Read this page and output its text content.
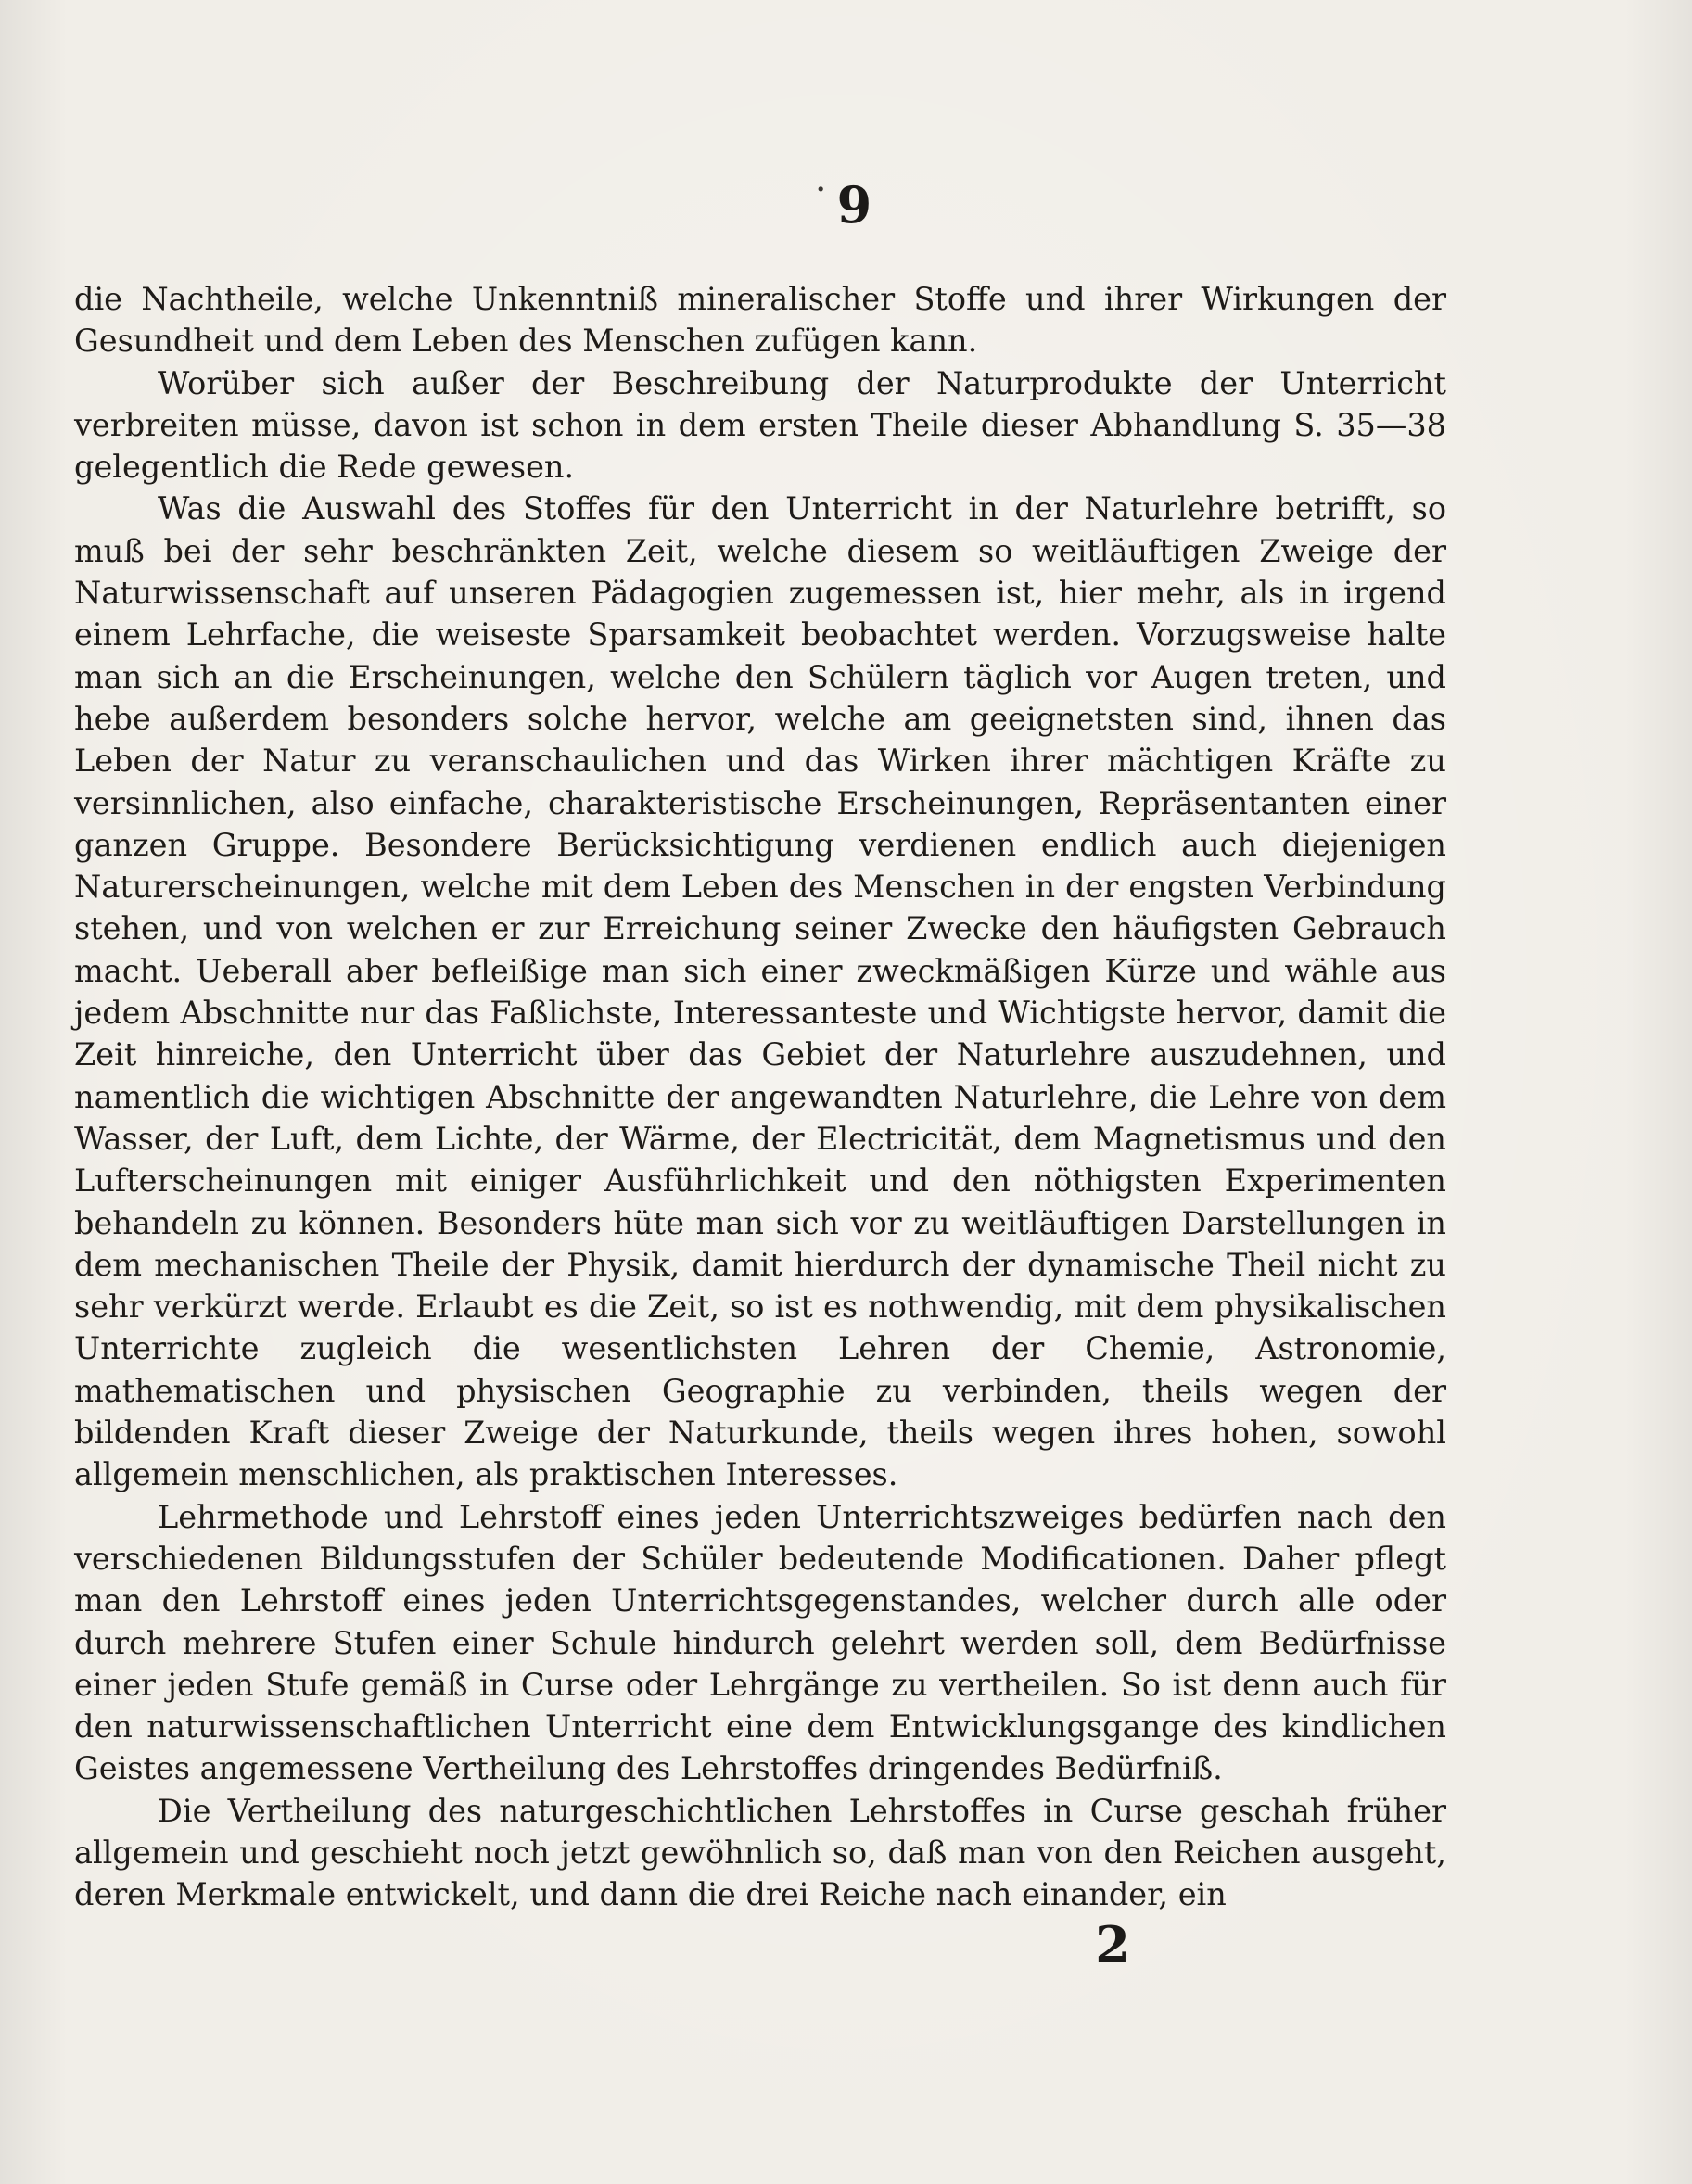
· 9

die Nachtheile, welche Unkenntniß mineralischer Stoffe und ihrer Wirkungen der Gesundheit und dem Leben des Menschen zufügen kann.

Worüber sich außer der Beschreibung der Naturprodukte der Unterricht verbreiten müsse, davon ist schon in dem ersten Theile dieser Abhandlung S. 35—38 gelegentlich die Rede gewesen.

Was die Auswahl des Stoffes für den Unterricht in der Naturlehre betrifft, so muß bei der sehr beschränkten Zeit, welche diesem so weitläuftigen Zweige der Naturwissenschaft auf unseren Pädagogien zugemessen ist, hier mehr, als in irgend einem Lehrfache, die weiseste Sparsamkeit beobachtet werden. Vorzugsweise halte man sich an die Erscheinungen, welche den Schülern täglich vor Augen treten, und hebe außerdem besonders solche hervor, welche am geeignetsten sind, ihnen das Leben der Natur zu veranschaulichen und das Wirken ihrer mächtigen Kräfte zu versinnlichen, also einfache, charakteristische Erscheinungen, Repräsentanten einer ganzen Gruppe. Besondere Berücksichtigung verdienen endlich auch diejenigen Naturerscheinungen, welche mit dem Leben des Menschen in der engsten Verbindung stehen, und von welchen er zur Erreichung seiner Zwecke den häufigsten Gebrauch macht. Ueberall aber befleißige man sich einer zweckmäßigen Kürze und wähle aus jedem Abschnitte nur das Faßlichste, Interessanteste und Wichtigste hervor, damit die Zeit hinreiche, den Unterricht über das Gebiet der Naturlehre auszudehnen, und namentlich die wichtigen Abschnitte der angewandten Naturlehre, die Lehre von dem Wasser, der Luft, dem Lichte, der Wärme, der Electricität, dem Magnetismus und den Lufterscheinungen mit einiger Ausführlichkeit und den nöthigsten Experimenten behandeln zu können. Besonders hüte man sich vor zu weitläuftigen Darstellungen in dem mechanischen Theile der Physik, damit hierdurch der dynamische Theil nicht zu sehr verkürzt werde. Erlaubt es die Zeit, so ist es nothwendig, mit dem physikalischen Unterrichte zugleich die wesentlichsten Lehren der Chemie, Astronomie, mathematischen und physischen Geographie zu verbinden, theils wegen der bildenden Kraft dieser Zweige der Naturkunde, theils wegen ihres hohen, sowohl allgemein menschlichen, als praktischen Interesses.

Lehrmethode und Lehrstoff eines jeden Unterrichtszweiges bedürfen nach den verschiedenen Bildungsstufen der Schüler bedeutende Modificationen. Daher pflegt man den Lehrstoff eines jeden Unterrichtsgegenstandes, welcher durch alle oder durch mehrere Stufen einer Schule hindurch gelehrt werden soll, dem Bedürfnisse einer jeden Stufe gemäß in Curse oder Lehrgänge zu vertheilen. So ist denn auch für den naturwissenschaftlichen Unterricht eine dem Entwicklungsgange des kindlichen Geistes angemessene Vertheilung des Lehrstoffes dringendes Bedürfniß.

Die Vertheilung des naturgeschichtlichen Lehrstoffes in Curse geschah früher allgemein und geschieht noch jetzt gewöhnlich so, daß man von den Reichen ausgeht, deren Merkmale entwickelt, und dann die drei Reiche nach einander, ein

2
